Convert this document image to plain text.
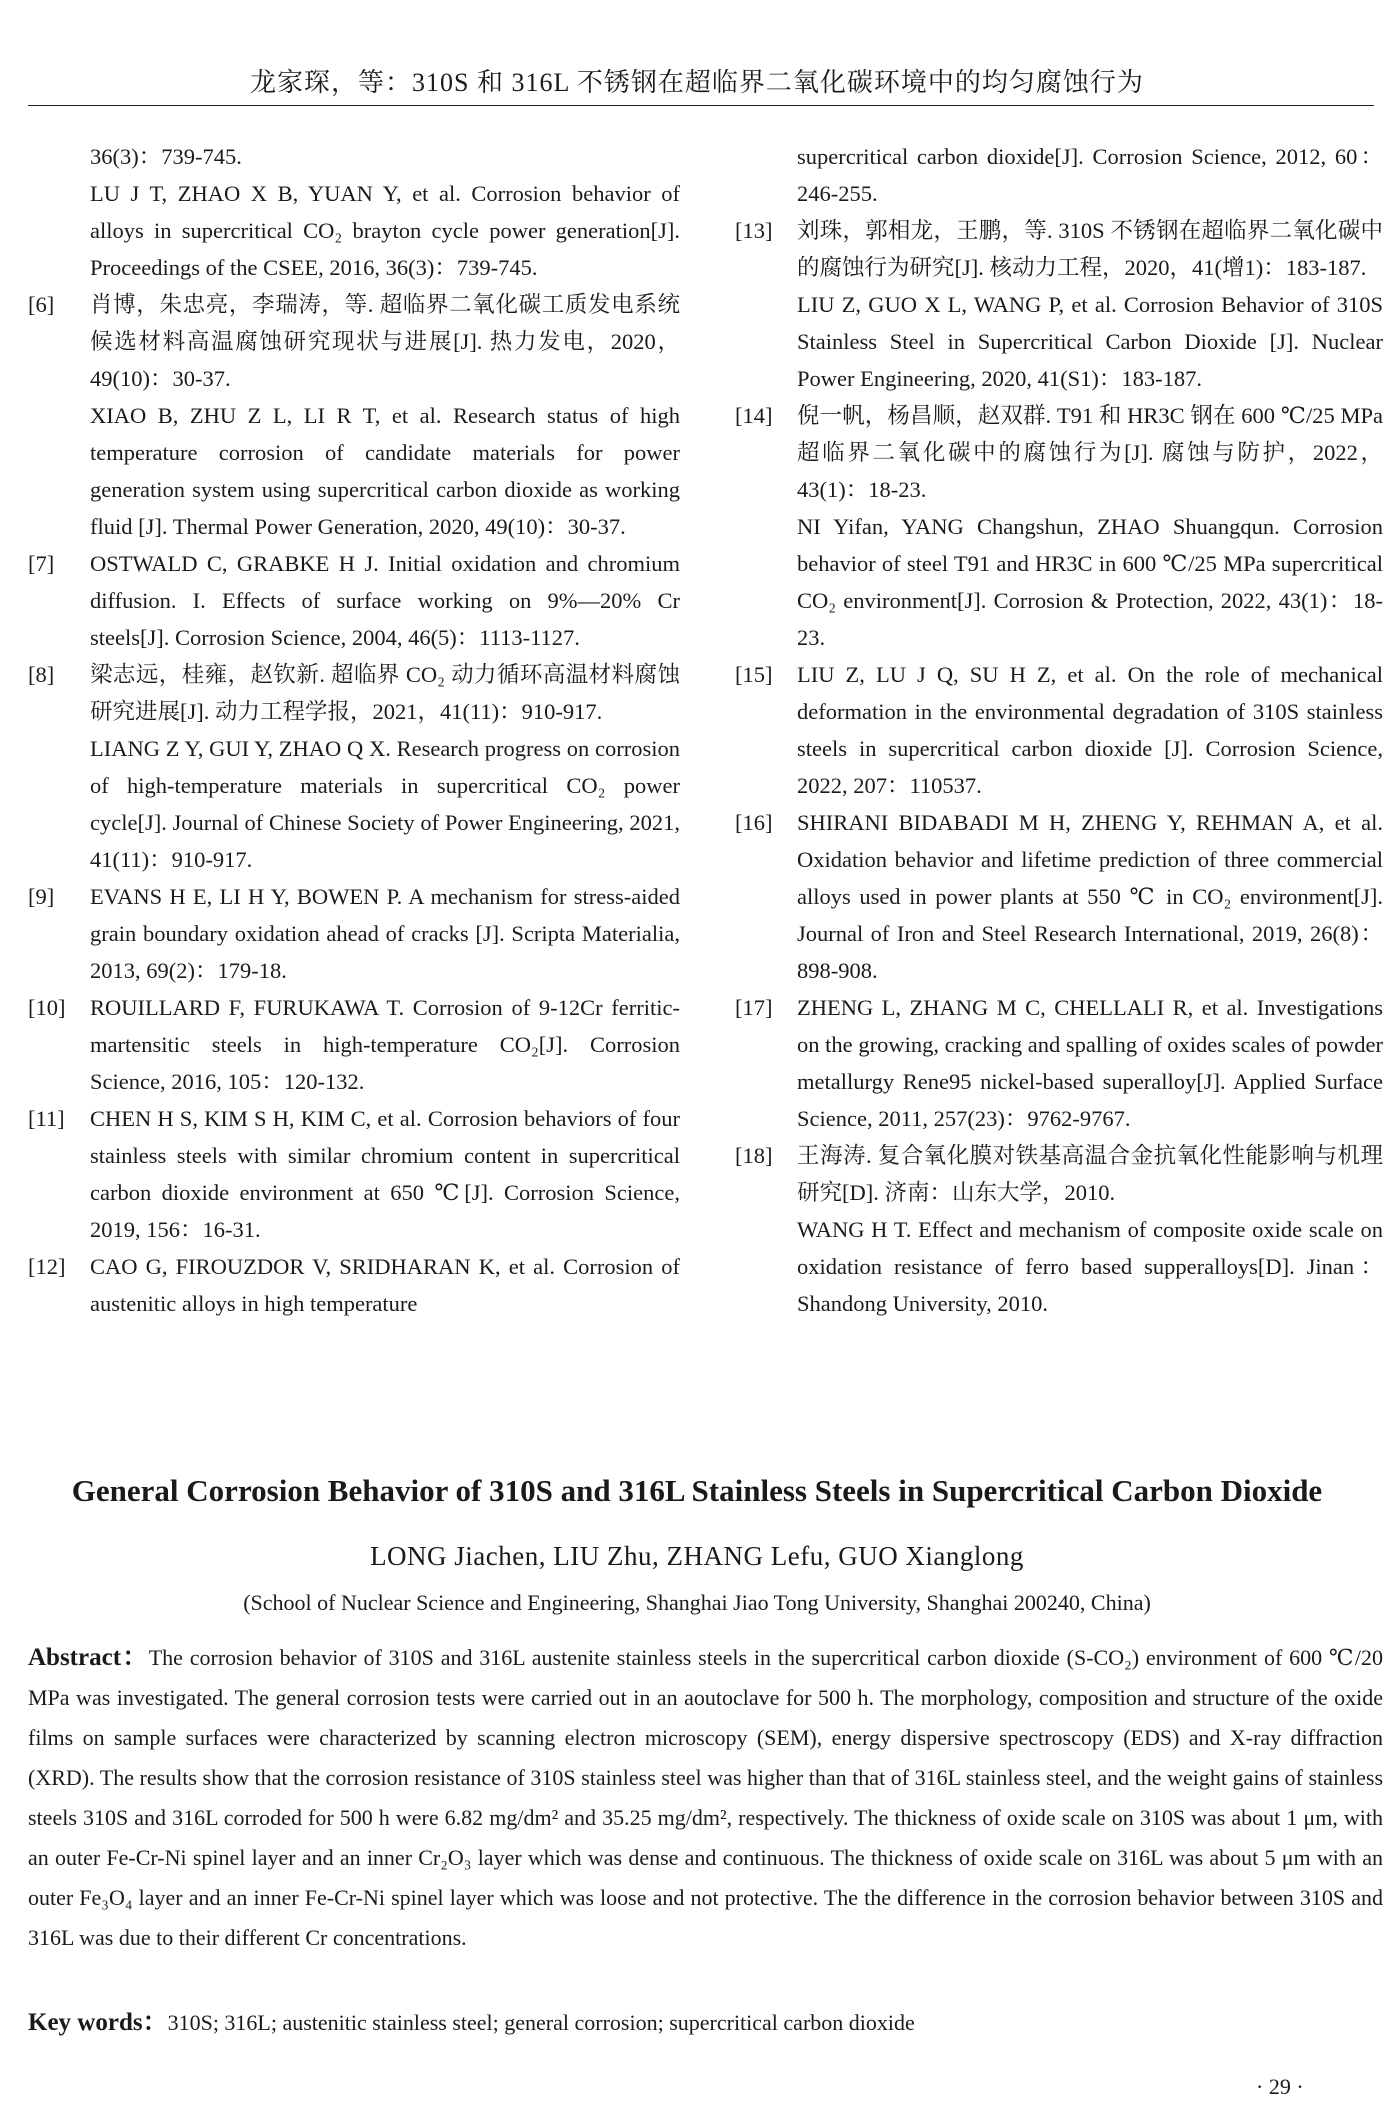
龙家琛，等：310S 和 316L 不锈钢在超临界二氧化碳环境中的均匀腐蚀行为
36(3)：739-745.
LU J T, ZHAO X B, YUAN Y, et al. Corrosion behavior of alloys in supercritical CO₂ brayton cycle power generation[J]. Proceedings of the CSEE, 2016, 36(3)：739-745.
[6] 肖博，朱忠亮，李瑞涛，等. 超临界二氧化碳工质发电系统候选材料高温腐蚀研究现状与进展[J]. 热力发电，2020，49(10)：30-37.
XIAO B, ZHU Z L, LI R T, et al. Research status of high temperature corrosion of candidate materials for power generation system using supercritical carbon dioxide as working fluid [J]. Thermal Power Generation, 2020, 49(10)：30-37.
[7] OSTWALD C, GRABKE H J. Initial oxidation and chromium diffusion. I. Effects of surface working on 9%—20% Cr steels[J]. Corrosion Science, 2004, 46(5)：1113-1127.
[8] 梁志远，桂雍，赵钦新. 超临界 CO₂ 动力循环高温材料腐蚀研究进展[J]. 动力工程学报，2021，41(11)：910-917.
LIANG Z Y, GUI Y, ZHAO Q X. Research progress on corrosion of high-temperature materials in supercritical CO₂ power cycle[J]. Journal of Chinese Society of Power Engineering, 2021, 41(11)：910-917.
[9] EVANS H E, LI H Y, BOWEN P. A mechanism for stress-aided grain boundary oxidation ahead of cracks [J]. Scripta Materialia, 2013, 69(2)：179-18.
[10] ROUILLARD F, FURUKAWA T. Corrosion of 9-12Cr ferritic-martensitic steels in high-temperature CO₂[J]. Corrosion Science, 2016, 105：120-132.
[11] CHEN H S, KIM S H, KIM C, et al. Corrosion behaviors of four stainless steels with similar chromium content in supercritical carbon dioxide environment at 650 ℃[J]. Corrosion Science, 2019, 156：16-31.
[12] CAO G, FIROUZDOR V, SRIDHARAN K, et al. Corrosion of austenitic alloys in high temperature
supercritical carbon dioxide[J]. Corrosion Science, 2012, 60：246-255.
[13] 刘珠，郭相龙，王鹏，等. 310S 不锈钢在超临界二氧化碳中的腐蚀行为研究[J]. 核动力工程，2020，41(增1)：183-187.
LIU Z, GUO X L, WANG P, et al. Corrosion Behavior of 310S Stainless Steel in Supercritical Carbon Dioxide [J]. Nuclear Power Engineering, 2020, 41(S1)：183-187.
[14] 倪一帆，杨昌顺，赵双群. T91 和 HR3C 钢在 600 ℃/25 MPa 超临界二氧化碳中的腐蚀行为[J]. 腐蚀与防护，2022，43(1)：18-23.
NI Yifan, YANG Changshun, ZHAO Shuangqun. Corrosion behavior of steel T91 and HR3C in 600 ℃/25 MPa supercritical CO₂ environment[J]. Corrosion & Protection, 2022, 43(1)：18-23.
[15] LIU Z, LU J Q, SU H Z, et al. On the role of mechanical deformation in the environmental degradation of 310S stainless steels in supercritical carbon dioxide [J]. Corrosion Science, 2022, 207：110537.
[16] SHIRANI BIDABADI M H, ZHENG Y, REHMAN A, et al. Oxidation behavior and lifetime prediction of three commercial alloys used in power plants at 550 ℃ in CO₂ environment[J]. Journal of Iron and Steel Research International, 2019, 26(8)：898-908.
[17] ZHENG L, ZHANG M C, CHELLALI R, et al. Investigations on the growing, cracking and spalling of oxides scales of powder metallurgy Rene95 nickel-based superalloy[J]. Applied Surface Science, 2011, 257(23)：9762-9767.
[18] 王海涛. 复合氧化膜对铁基高温合金抗氧化性能影响与机理研究[D]. 济南：山东大学，2010.
WANG H T. Effect and mechanism of composite oxide scale on oxidation resistance of ferro based supperalloys[D]. Jinan：Shandong University, 2010.
General Corrosion Behavior of 310S and 316L Stainless Steels in Supercritical Carbon Dioxide
LONG Jiachen, LIU Zhu, ZHANG Lefu, GUO Xianglong
(School of Nuclear Science and Engineering, Shanghai Jiao Tong University, Shanghai 200240, China)
Abstract：The corrosion behavior of 310S and 316L austenite stainless steels in the supercritical carbon dioxide (S-CO₂) environment of 600 ℃/20 MPa was investigated. The general corrosion tests were carried out in an aoutoclave for 500 h. The morphology, composition and structure of the oxide films on sample surfaces were characterized by scanning electron microscopy (SEM), energy dispersive spectroscopy (EDS) and X-ray diffraction (XRD). The results show that the corrosion resistance of 310S stainless steel was higher than that of 316L stainless steel, and the weight gains of stainless steels 310S and 316L corroded for 500 h were 6.82 mg/dm² and 35.25 mg/dm², respectively. The thickness of oxide scale on 310S was about 1 μm, with an outer Fe-Cr-Ni spinel layer and an inner Cr₂O₃ layer which was dense and continuous. The thickness of oxide scale on 316L was about 5 μm with an outer Fe₃O₄ layer and an inner Fe-Cr-Ni spinel layer which was loose and not protective. The the difference in the corrosion behavior between 310S and 316L was due to their different Cr concentrations.
Key words：310S; 316L; austenitic stainless steel; general corrosion; supercritical carbon dioxide
· 29 ·
